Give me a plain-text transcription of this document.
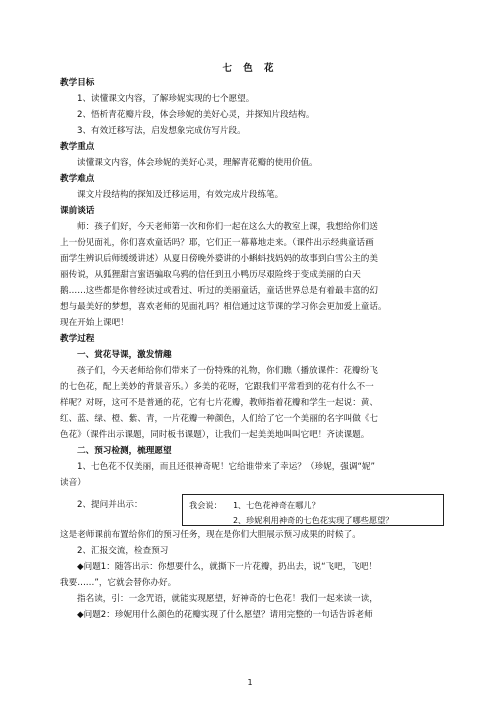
七 色 花

教学目标

1、读懂课文内容，了解珍妮实现的七个愿望。

2、悟析青花瓣片段，体会珍妮的美好心灵，并探知片段结构。

3、有效迁移写法，启发想象完成仿写片段。

教学重点

读懂课文内容，体会珍妮的美好心灵，理解青花瓣的使用价值。

教学难点

课文片段结构的探知及迁移运用，有效完成片段练笔。

课前谈话

师：孩子们好，今天老师第一次和你们一起在这么大的教室上课，我想给你们送

上一份见面礼，你们喜欢童话吗？耶，它们正一幕幕地走来。（课件出示经典童话画

面学生辨识后师缓缓讲述）从夏日傍晚外婆讲的小蝌蚪找妈妈的故事到白雪公主的美

丽传说，从狐狸甜言蜜语骗取乌鸦的信任到丑小鸭历尽艰险终于变成美丽的白天

鹅……这些都是你曾经读过或看过、听过的美丽童话，童话世界总是有着最丰富的幻

想与最美好的梦想，喜欢老师的见面礼吗？相信通过这节课的学习你会更加爱上童话。

现在开始上课吧！

教学过程

一、赏花导课，激发情趣

孩子们，今天老师给你们带来了一份特殊的礼物，你们瞧（播放课件：花瓣纷飞

的七色花，配上美妙的背景音乐。）多美的花呀，它跟我们平常看到的花有什么不一

样呢？对呀，这可不是普通的花，它有七片花瓣，教师指着花瓣和学生一起说：黄、

红、蓝、绿、橙、紫、青，一片花瓣一种颜色，人们给了它一个美丽的名字叫做《七

色花》（课件出示课题，同时板书课题），让我们一起美美地叫叫它吧！齐读课题。

二、预习检测，梳理愿望

1、七色花不仅美丽，而且还很神奇呢！它给谁带来了幸运？（珍妮，强调“妮”

读音）

2、提问并出示：	我会说： 1、七色花神奇在哪儿？
2、珍妮利用神奇的七色花实现了哪些愿望？

这是老师课前布置给你们的预习任务，现在是你们大胆展示预习成果的时候了。

2、汇报交流，检查预习

◆问题1：随答出示：你想要什么，就撕下一片花瓣，扔出去，说“飞吧，飞吧！

我要……”，它就会替你办好。

指名读，引：一念咒语，就能实现愿望，好神奇的七色花！我们一起来读一读，

◆问题2：珍妮用什么颜色的花瓣实现了什么愿望？请用完整的一句话告诉老师

1
